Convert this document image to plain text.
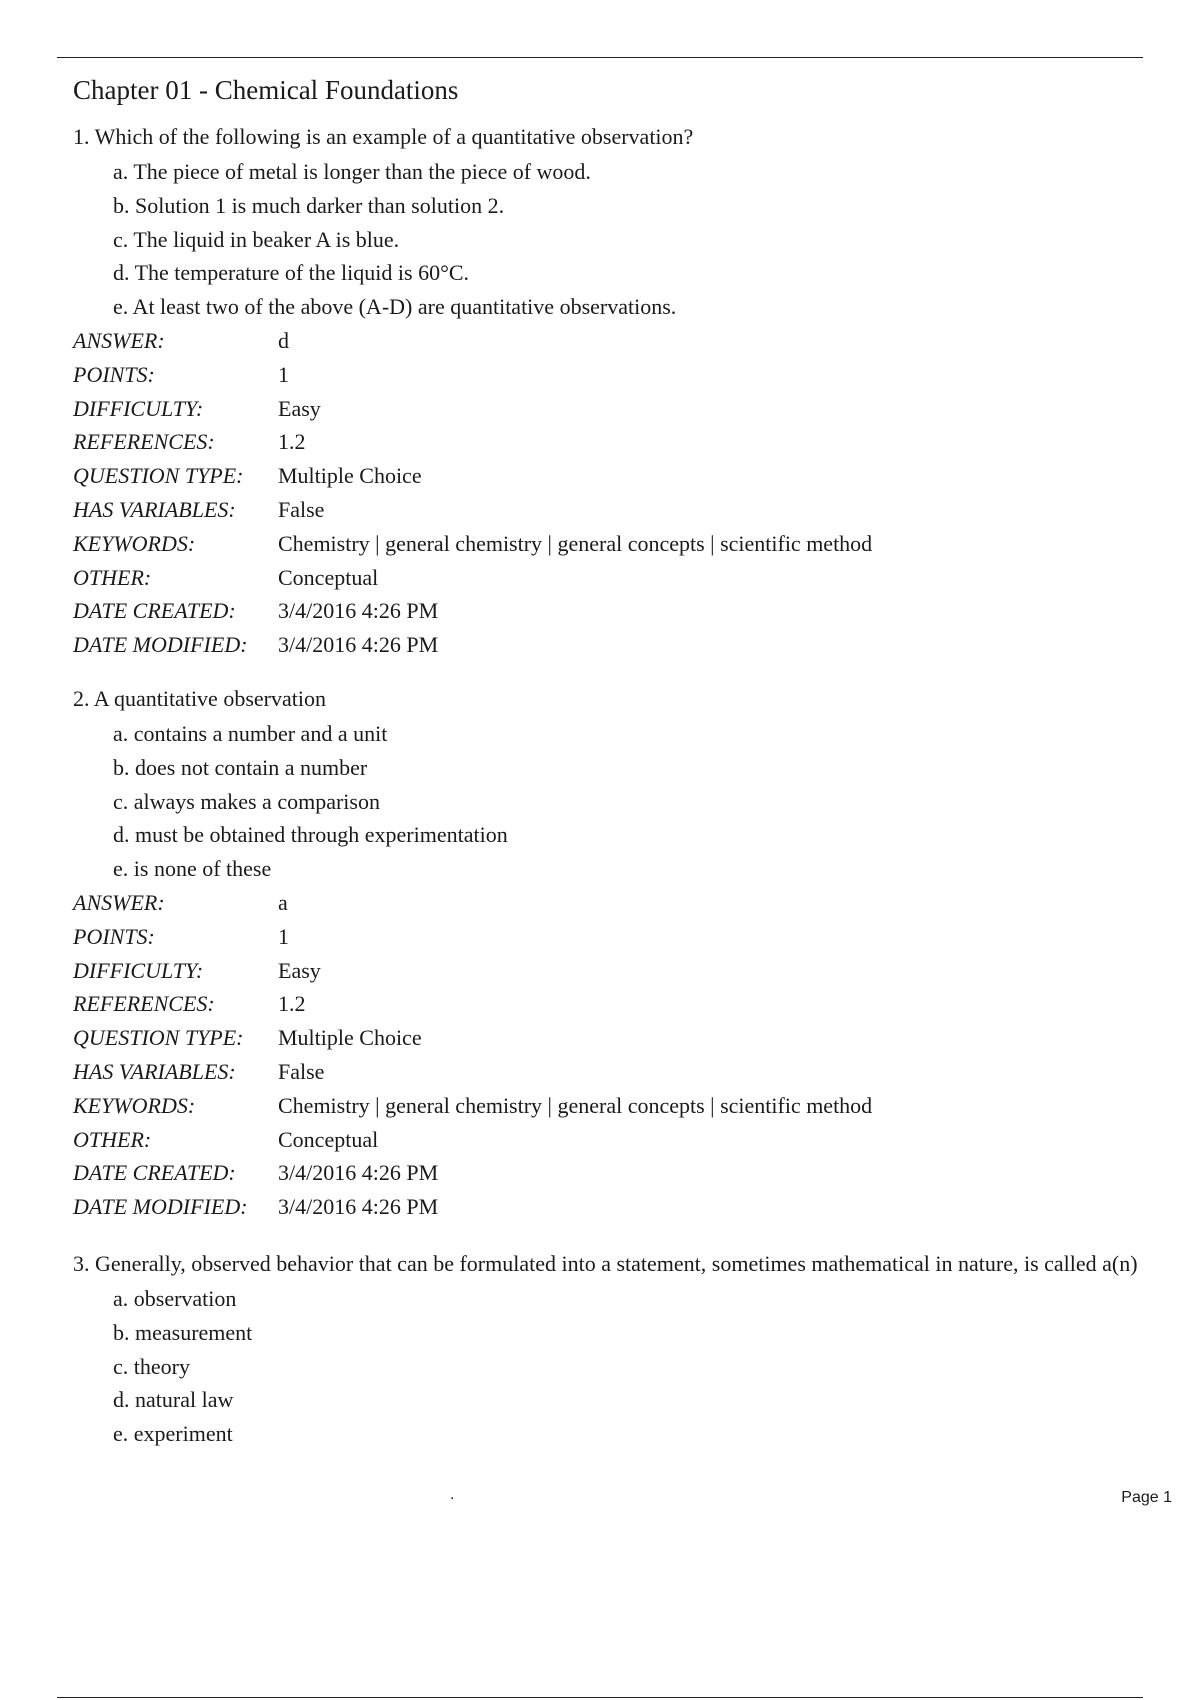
Chapter 01 - Chemical Foundations
1. Which of the following is an example of a quantitative observation?
a. The piece of metal is longer than the piece of wood.
b. Solution 1 is much darker than solution 2.
c. The liquid in beaker A is blue.
d. The temperature of the liquid is 60°C.
e. At least two of the above (A-D) are quantitative observations.
ANSWER:	d
POINTS:	1
DIFFICULTY:	Easy
REFERENCES:	1.2
QUESTION TYPE:	Multiple Choice
HAS VARIABLES:	False
KEYWORDS:	Chemistry | general chemistry | general concepts | scientific method
OTHER:	Conceptual
DATE CREATED:	3/4/2016 4:26 PM
DATE MODIFIED:	3/4/2016 4:26 PM
2. A quantitative observation
a. contains a number and a unit
b. does not contain a number
c. always makes a comparison
d. must be obtained through experimentation
e. is none of these
ANSWER:	a
POINTS:	1
DIFFICULTY:	Easy
REFERENCES:	1.2
QUESTION TYPE:	Multiple Choice
HAS VARIABLES:	False
KEYWORDS:	Chemistry | general chemistry | general concepts | scientific method
OTHER:	Conceptual
DATE CREATED:	3/4/2016 4:26 PM
DATE MODIFIED:	3/4/2016 4:26 PM
3. Generally, observed behavior that can be formulated into a statement, sometimes mathematical in nature, is called a(n)
a. observation
b. measurement
c. theory
d. natural law
e. experiment
.	Page 1
